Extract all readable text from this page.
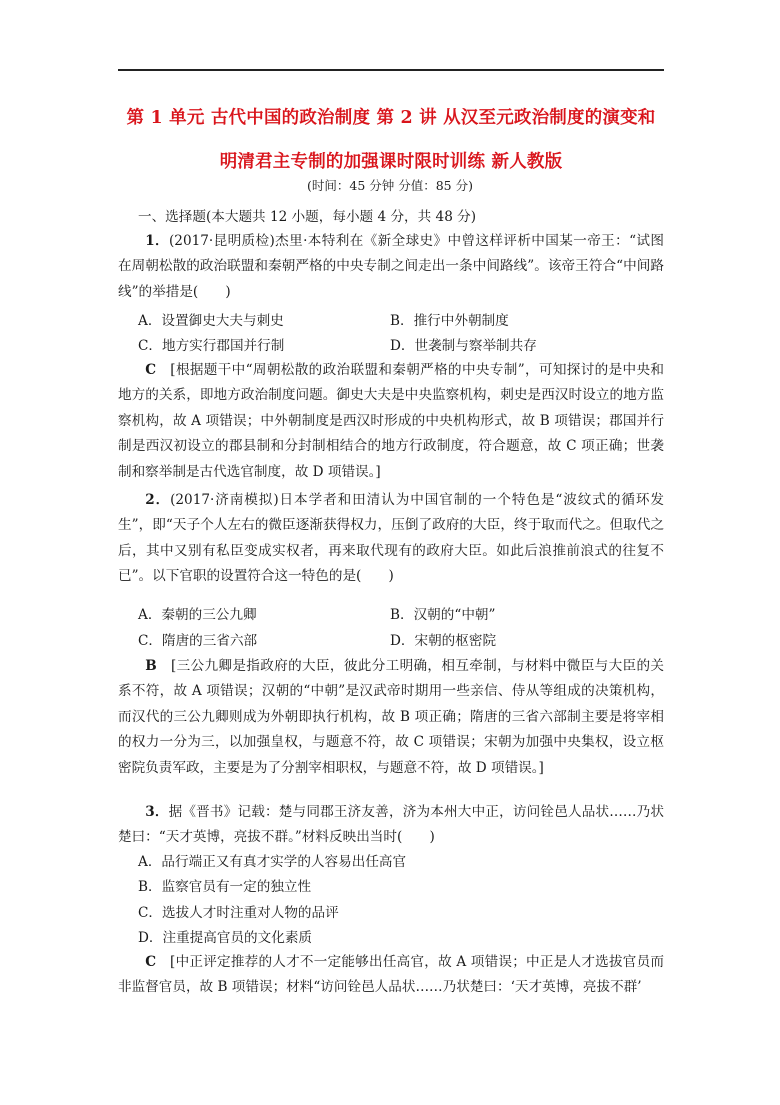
第 1 单元 古代中国的政治制度 第 2 讲 从汉至元政治制度的演变和
明清君主专制的加强课时限时训练 新人教版
(时间：45 分钟 分值：85 分)
一、选择题(本大题共 12 小题，每小题 4 分，共 48 分)

1．(2017·昆明质检)杰里·本特利在《新全球史》中曾这样评析中国某一帝王：“试图在周朝松散的政治联盟和秦朝严格的中央专制之间走出一条中间路线”。该帝王符合“中间路线”的举措是(　　)

A．设置御史大夫与刺史	B．推行中外朝制度
C．地方实行郡国并行制	D．世袭制与察举制共存

C　[根据题干中“周朝松散的政治联盟和秦朝严格的中央专制”，可知探讨的是中央和地方的关系，即地方政治制度问题。御史大夫是中央监察机构，刺史是西汉时设立的地方监察机构，故 A 项错误；中外朝制度是西汉时形成的中央机构形式，故 B 项错误；郡国并行制是西汉初设立的郡县制和分封制相结合的地方行政制度，符合题意，故 C 项正确；世袭制和察举制是古代选官制度，故 D 项错误。]

2．(2017·济南模拟)日本学者和田清认为中国官制的一个特色是“波纹式的循环发生”，即“天子个人左右的微臣逐渐获得权力，压倒了政府的大臣，终于取而代之。但取代之后，其中又别有私臣变成实权者，再来取代现有的政府大臣。如此后浪推前浪式的往复不已”。以下官职的设置符合这一特色的是(　　)

A．秦朝的三公九卿	B．汉朝的“中朝”
C．隋唐的三省六部	D．宋朝的枢密院

B　[三公九卿是指政府的大臣，彼此分工明确，相互牵制，与材料中微臣与大臣的关系不符，故 A 项错误；汉朝的“中朝”是汉武帝时期用一些亲信、侍从等组成的决策机构，而汉代的三公九卿则成为外朝即执行机构，故 B 项正确；隋唐的三省六部制主要是将宰相的权力一分为三，以加强皇权，与题意不符，故 C 项错误；宋朝为加强中央集权，设立枢密院负责军政，主要是为了分割宰相职权，与题意不符，故 D 项错误。]

3．据《晋书》记载：楚与同郡王济友善，济为本州大中正，访问铨邑人品状……乃状楚曰：“天才英博，亮拔不群。”材料反映出当时(　　)

A．品行端正又有真才实学的人容易出任高官
B．监察官员有一定的独立性
C．选拔人才时注重对人物的品评
D．注重提高官员的文化素质

C　[中正评定推荐的人才不一定能够出任高官，故 A 项错误；中正是人才选拔官员而非监督官员，故 B 项错误；材料“访问铨邑人品状……乃状楚曰：‘天才英博，亮拔不群’
